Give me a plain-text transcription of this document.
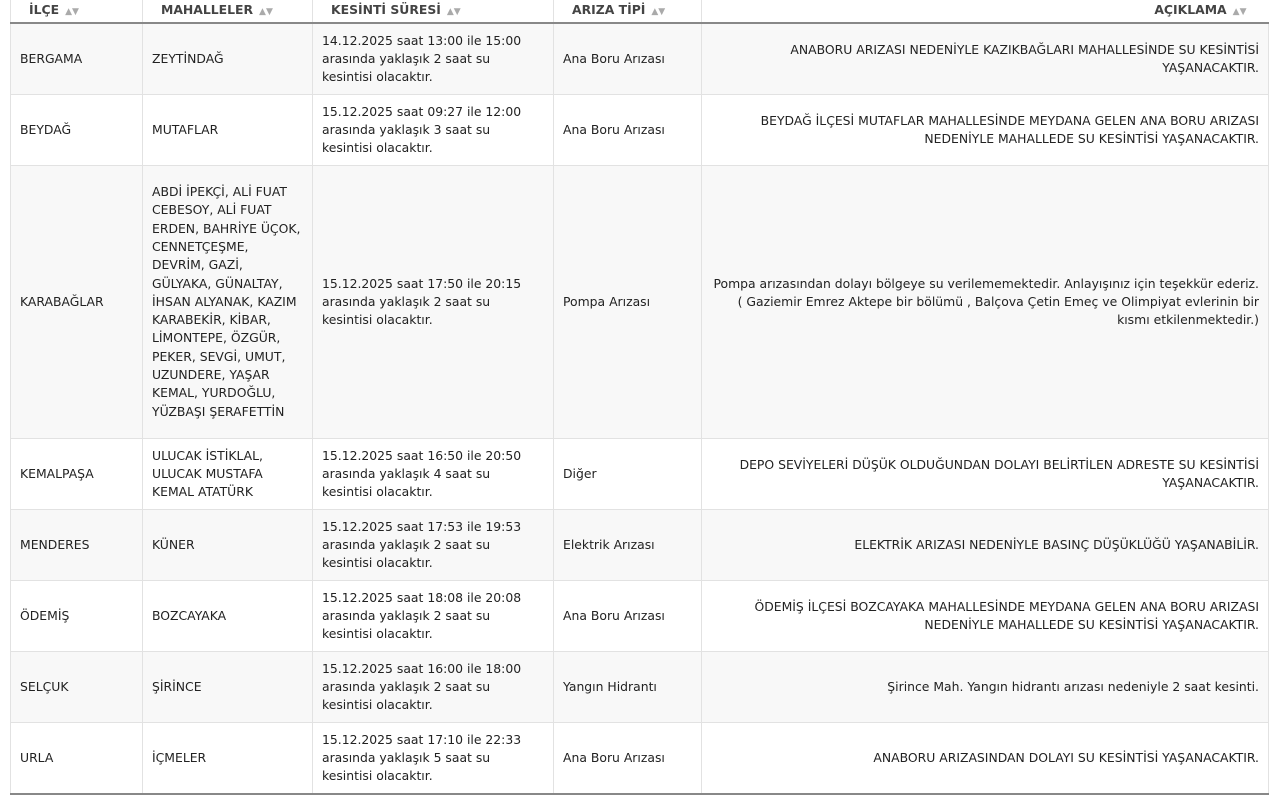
İLÇE ▲▼	MAHALLELER ▲▼	KESİNTİ SÜRESİ ▲▼	ARIZA TİPİ ▲▼	AÇIKLAMA ▲▼
BERGAMA	ZEYTİNDAĞ	14.12.2025 saat 13:00 ile 15:00 arasında yaklaşık 2 saat su kesintisi olacaktır.	Ana Boru Arızası	ANABORU ARIZASI NEDENİYLE KAZIKBAĞLARI MAHALLESİNDE SU KESİNTİSİ YAŞANACAKTIR.
BEYDAĞ	MUTAFLAR	15.12.2025 saat 09:27 ile 12:00 arasında yaklaşık 3 saat su kesintisi olacaktır.	Ana Boru Arızası	BEYDAĞ İLÇESİ MUTAFLAR MAHALLESİNDE MEYDANA GELEN ANA BORU ARIZASI NEDENİYLE MAHALLEDE SU KESİNTİSİ YAŞANACAKTIR.
KARABAĞLAR	ABDİ İPEKÇİ, ALİ FUAT CEBESOY, ALİ FUAT ERDEN, BAHRİYE ÜÇOK, CENNETÇEŞME, DEVRİM, GAZİ, GÜLYAKA, GÜNALTAY, İHSAN ALYANAK, KAZIM KARABEKİR, KİBAR, LİMONTEPE, ÖZGÜR, PEKER, SEVGİ, UMUT, UZUNDERE, YAŞAR KEMAL, YURDOĞLU, YÜZBAŞI ŞERAFETTİN	15.12.2025 saat 17:50 ile 20:15 arasında yaklaşık 2 saat su kesintisi olacaktır.	Pompa Arızası	Pompa arızasından dolayı bölgeye su verilememektedir. Anlayışınız için teşekkür ederiz. ( Gaziemir Emrez Aktepe bir bölümü , Balçova Çetin Emeç ve Olimpiyat evlerinin bir kısmı etkilenmektedir.)
KEMALPAŞA	ULUCAK İSTİKLAL, ULUCAK MUSTAFA KEMAL ATATÜRK	15.12.2025 saat 16:50 ile 20:50 arasında yaklaşık 4 saat su kesintisi olacaktır.	Diğer	DEPO SEVİYELERİ DÜŞÜK OLDUĞUNDAN DOLAYI BELİRTİLEN ADRESTE SU KESİNTİSİ YAŞANACAKTIR.
MENDERES	KÜNER	15.12.2025 saat 17:53 ile 19:53 arasında yaklaşık 2 saat su kesintisi olacaktır.	Elektrik Arızası	ELEKTRİK ARIZASI NEDENİYLE BASINÇ DÜŞÜKLÜĞÜ YAŞANABİLİR.
ÖDEMİŞ	BOZCAYAKA	15.12.2025 saat 18:08 ile 20:08 arasında yaklaşık 2 saat su kesintisi olacaktır.	Ana Boru Arızası	ÖDEMİŞ İLÇESİ BOZCAYAKA MAHALLESİNDE MEYDANA GELEN ANA BORU ARIZASI NEDENİYLE MAHALLEDE SU KESİNTİSİ YAŞANACAKTIR.
SELÇUK	ŞİRİNCE	15.12.2025 saat 16:00 ile 18:00 arasında yaklaşık 2 saat su kesintisi olacaktır.	Yangın Hidrantı	Şirince Mah. Yangın hidrantı arızası nedeniyle 2 saat kesinti.
URLA	İÇMELER	15.12.2025 saat 17:10 ile 22:33 arasında yaklaşık 5 saat su kesintisi olacaktır.	Ana Boru Arızası	ANABORU ARIZASINDAN DOLAYI SU KESİNTİSİ YAŞANACAKTIR.
